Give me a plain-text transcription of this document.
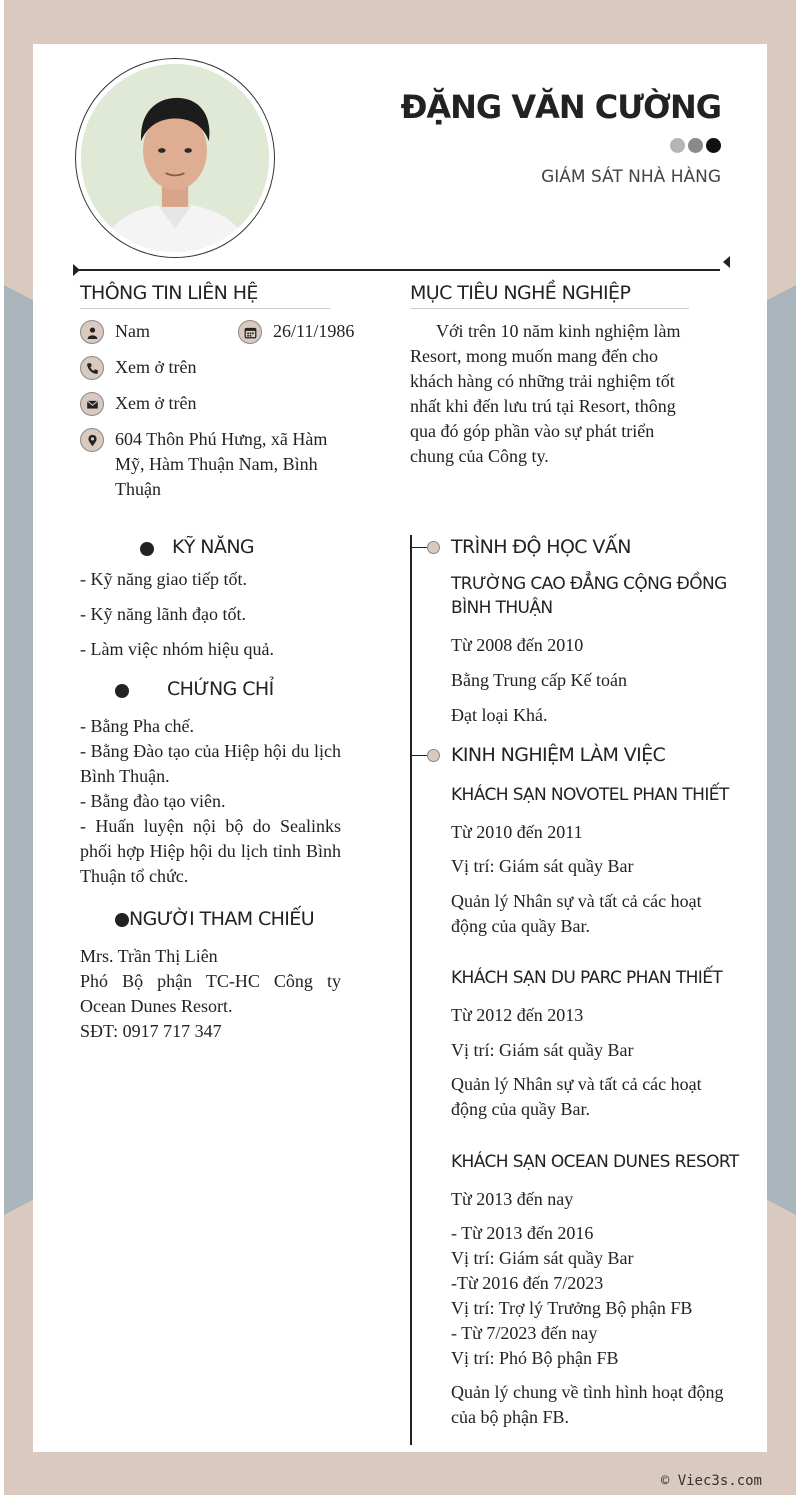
ĐẶNG VĂN CƯỜNG
GIÁM SÁT NHÀ HÀNG
THÔNG TIN LIÊN HỆ
Nam	26/11/1986
Xem ở trên
Xem ở trên
604 Thôn Phú Hưng, xã Hàm
Mỹ, Hàm Thuận Nam, Bình
Thuận
MỤC TIÊU NGHỀ NGHIỆP
Với trên 10 năm kinh nghiệm làm
Resort, mong muốn mang đến cho
khách hàng có những trải nghiệm tốt
nhất khi đến lưu trú tại Resort, thông
qua đó góp phần vào sự phát triển
chung của Công ty.
KỸ NĂNG
- Kỹ năng giao tiếp tốt.
- Kỹ năng lãnh đạo tốt.
- Làm việc nhóm hiệu quả.
CHỨNG CHỈ
- Bằng Pha chế.
- Bằng Đào tạo của Hiệp hội du lịch Bình Thuận.
- Bằng đào tạo viên.
- Huấn luyện nội bộ do Sealinks phối hợp Hiệp hội du lịch tỉnh Bình Thuận tổ chức.
NGƯỜI THAM CHIẾU
Mrs. Trần Thị Liên
Phó Bộ phận TC-HC Công ty Ocean Dunes Resort.
SĐT: 0917 717 347
TRÌNH ĐỘ HỌC VẤN
TRƯỜNG CAO ĐẲNG CỘNG ĐỒNG BÌNH THUẬN
Từ 2008 đến 2010
Bằng Trung cấp Kế toán
Đạt loại Khá.
KINH NGHIỆM LÀM VIỆC
KHÁCH SẠN NOVOTEL PHAN THIẾT
Từ 2010 đến 2011
Vị trí: Giám sát quầy Bar
Quản lý Nhân sự và tất cả các hoạt động của quầy Bar.
KHÁCH SẠN DU PARC PHAN THIẾT
Từ 2012 đến 2013
Vị trí: Giám sát quầy Bar
Quản lý Nhân sự và tất cả các hoạt động của quầy Bar.
KHÁCH SẠN OCEAN DUNES RESORT
Từ 2013 đến nay
- Từ 2013 đến 2016
Vị trí: Giám sát quầy Bar
-Từ 2016 đến 7/2023
Vị trí: Trợ lý Trưởng Bộ phận FB
- Từ 7/2023 đến nay
Vị trí: Phó Bộ phận FB
Quản lý chung về tình hình hoạt động của bộ phận FB.
© Viec3s.com
